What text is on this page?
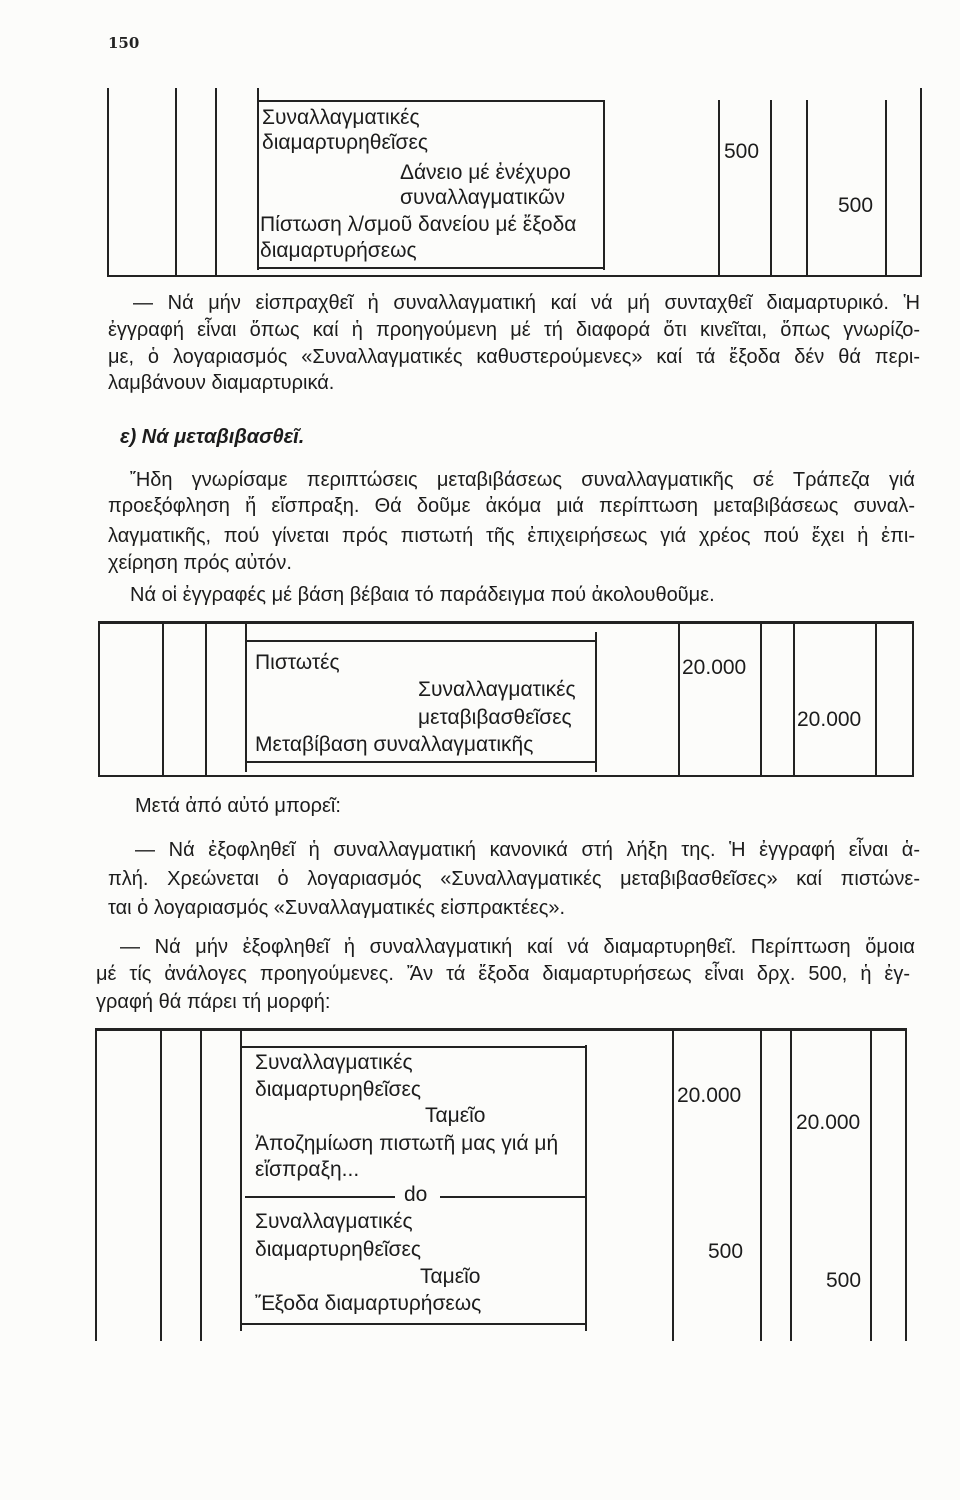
150
Συναλλαγματικές
διαμαρτυρηθεῖσες
Δάνειο μέ ἐνέχυρο
συναλλαγματικῶν
Πίστωση λ/σμοῦ δανείου μέ ἔξοδα
διαμαρτυρήσεως
500
500
— Νά μήν εἰσπραχθεῖ ἡ συναλλαγματική καί νά μή συνταχθεῖ διαμαρτυρικό. Ἡ
ἐγγραφή εἶναι ὅπως καί ἡ προηγούμενη μέ τή διαφορά ὅτι κινεῖται, ὅπως γνωρίζο-
με, ὁ λογαριασμός «Συναλλαγματικές καθυστερούμενες» καί τά ἔξοδα δέν θά περι-
λαμβάνουν διαμαρτυρικά.
ε) Νά μεταβιβασθεῖ.
Ἤδη γνωρίσαμε περιπτώσεις μεταβιβάσεως συναλλαγματικῆς σέ Τράπεζα γιά
προεξόφληση ἤ εἴσπραξη. Θά δοῦμε ἀκόμα μιά περίπτωση μεταβιβάσεως συναλ-
λαγματικῆς, πού γίνεται πρός πιστωτή τῆς ἐπιχειρήσεως γιά χρέος πού ἔχει ἡ ἐπι-
χείρηση πρός αὐτόν.
Νά οἱ ἐγγραφές μέ βάση βέβαια τό παράδειγμα πού ἀκολουθοῦμε.
Πιστωτές
Συναλλαγματικές
μεταβιβασθεῖσες
Μεταβίβαση συναλλαγματικῆς
20.000
20.000
Μετά ἀπό αὐτό μπορεῖ:
— Νά ἐξοφληθεῖ ἡ συναλλαγματική κανονικά στή λήξη της. Ἡ ἐγγραφή εἶναι ἁ-
πλή. Χρεώνεται ὁ λογαριασμός «Συναλλαγματικές μεταβιβασθεῖσες» καί πιστώνε-
ται ὁ λογαριασμός «Συναλλαγματικές εἰσπρακτέες».
— Νά μήν ἐξοφληθεῖ ἡ συναλλαγματική καί νά διαμαρτυρηθεῖ. Περίπτωση ὅμοια
μέ τίς ἀνάλογες προηγούμενες. Ἄν τά ἔξοδα διαμαρτυρήσεως εἶναι δρχ. 500, ἡ ἐγ-
γραφή θά πάρει τή μορφή:
Συναλλαγματικές
διαμαρτυρηθεῖσες
Ταμεῖο
Ἀποζημίωση πιστωτῆ μας γιά μή
εἴσπραξη...
20.000
20.000
do
Συναλλαγματικές
διαμαρτυρηθεῖσες
Ταμεῖο
Ἔξοδα διαμαρτυρήσεως
500
500
